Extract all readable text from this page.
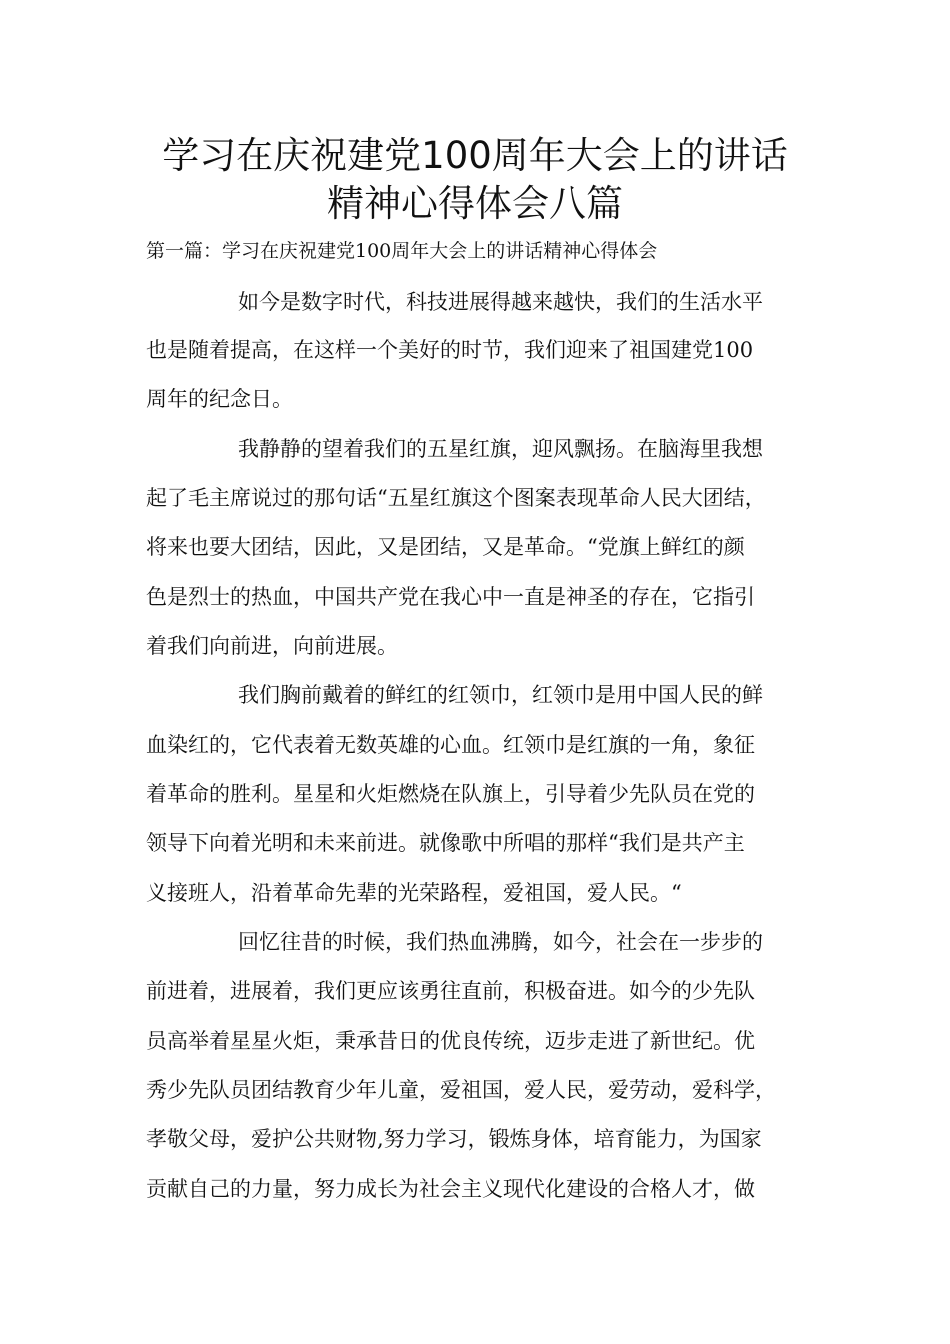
学习在庆祝建党100周年大会上的讲话
精神心得体会八篇

第一篇：学习在庆祝建党100周年大会上的讲话精神心得体会

如今是数字时代，科技进展得越来越快，我们的生活水平

也是随着提高，在这样一个美好的时节，我们迎来了祖国建党100

周年的纪念日。

我静静的望着我们的五星红旗，迎风飘扬。在脑海里我想

起了毛主席说过的那句话“五星红旗这个图案表现革命人民大团结，

将来也要大团结，因此，又是团结，又是革命。“党旗上鲜红的颜

色是烈士的热血，中国共产党在我心中一直是神圣的存在，它指引

着我们向前进，向前进展。

我们胸前戴着的鲜红的红领巾，红领巾是用中国人民的鲜

血染红的，它代表着无数英雄的心血。红领巾是红旗的一角，象征

着革命的胜利。星星和火炬燃烧在队旗上，引导着少先队员在党的

领导下向着光明和未来前进。就像歌中所唱的那样“我们是共产主

义接班人，沿着革命先辈的光荣路程，爱祖国，爱人民。“

回忆往昔的时候，我们热血沸腾，如今，社会在一步步的

前进着，进展着，我们更应该勇往直前，积极奋进。如今的少先队

员高举着星星火炬，秉承昔日的优良传统，迈步走进了新世纪。优

秀少先队员团结教育少年儿童，爱祖国，爱人民，爱劳动，爱科学，

孝敬父母，爱护公共财物,努力学习，锻炼身体，培育能力，为国家

贡献自己的力量，努力成长为社会主义现代化建设的合格人才，做
